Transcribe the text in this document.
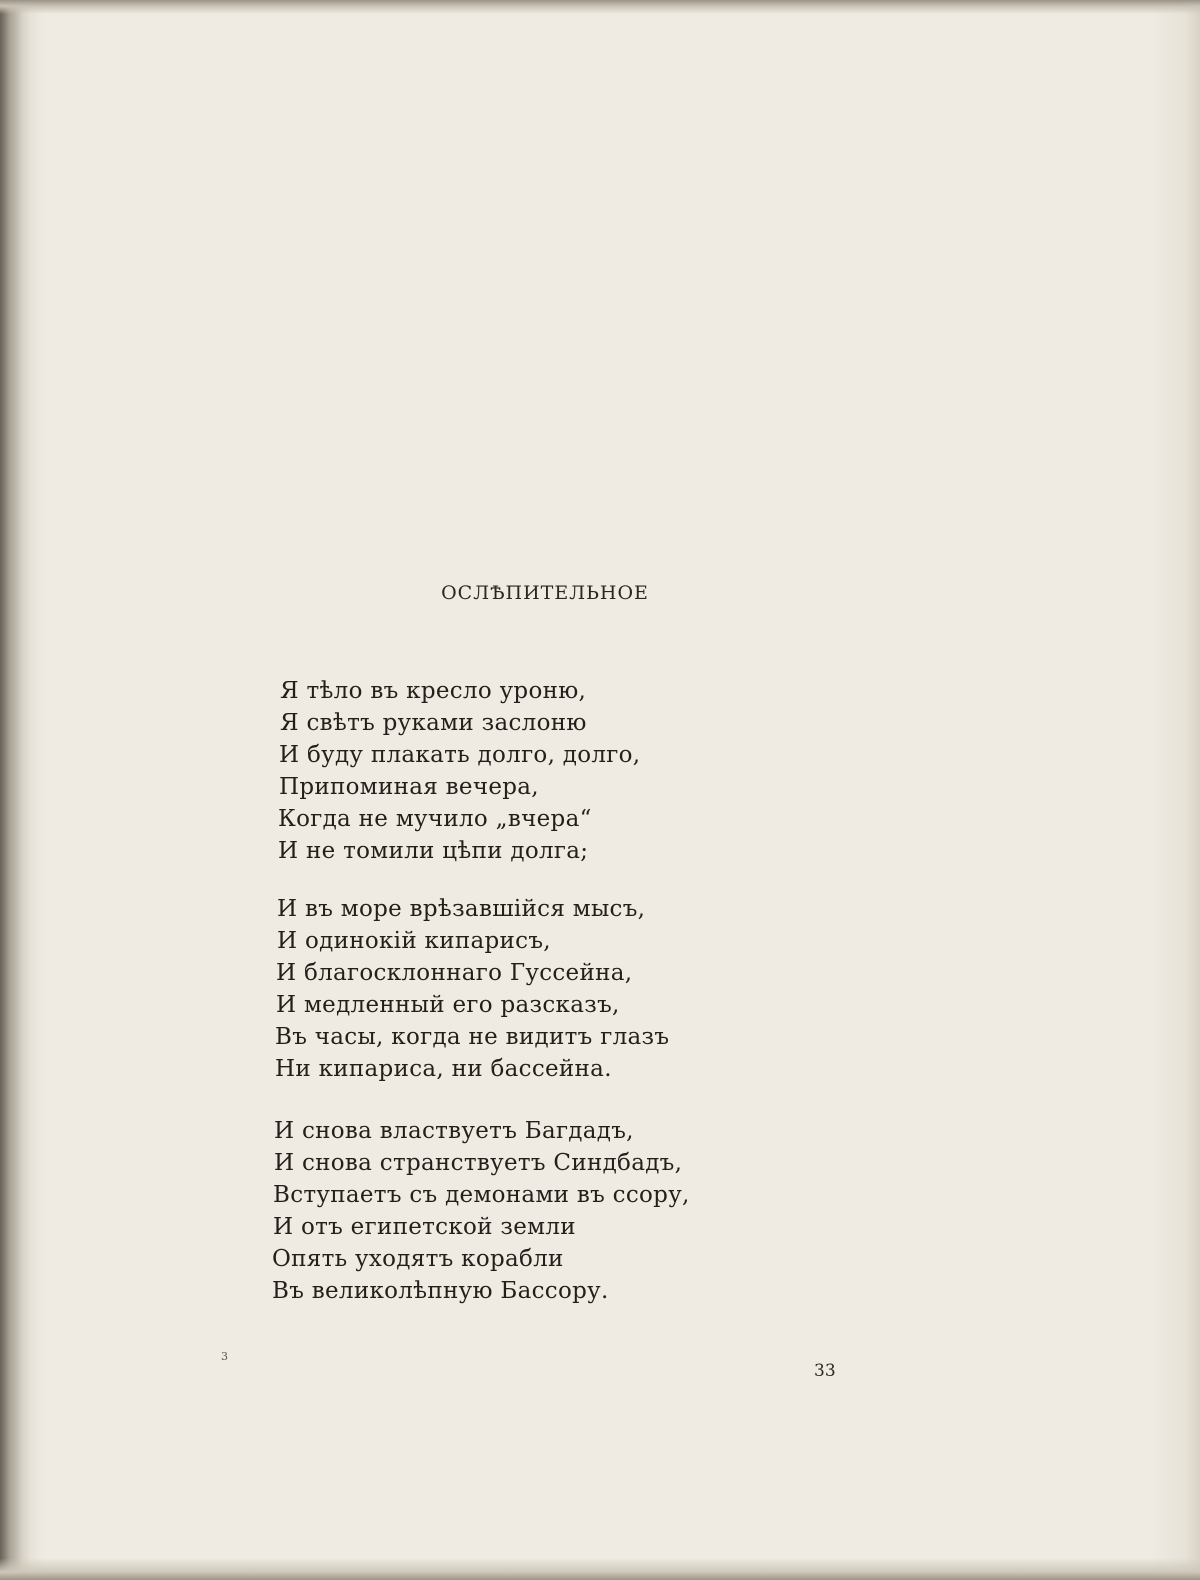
ОСЛѢПИТЕЛЬНОЕ
Я тѣло въ кресло уроню,
Я свѣтъ руками заслоню
И буду плакать долго, долго,
Припоминая вечера,
Когда не мучило „вчера“
И не томили цѣпи долга;
И въ море врѣзавшійся мысъ,
И одинокій кипарисъ,
И благосклоннаго Гуссейна,
И медленный его разсказъ,
Въ часы, когда не видитъ глазъ
Ни кипариса, ни бассейна.
И снова властвуетъ Багдадъ,
И снова странствуетъ Синдбадъ,
Вступаетъ съ демонами въ ссору,
И отъ египетской земли
Опять уходятъ корабли
Въ великолѣпную Бассору.
3
33
